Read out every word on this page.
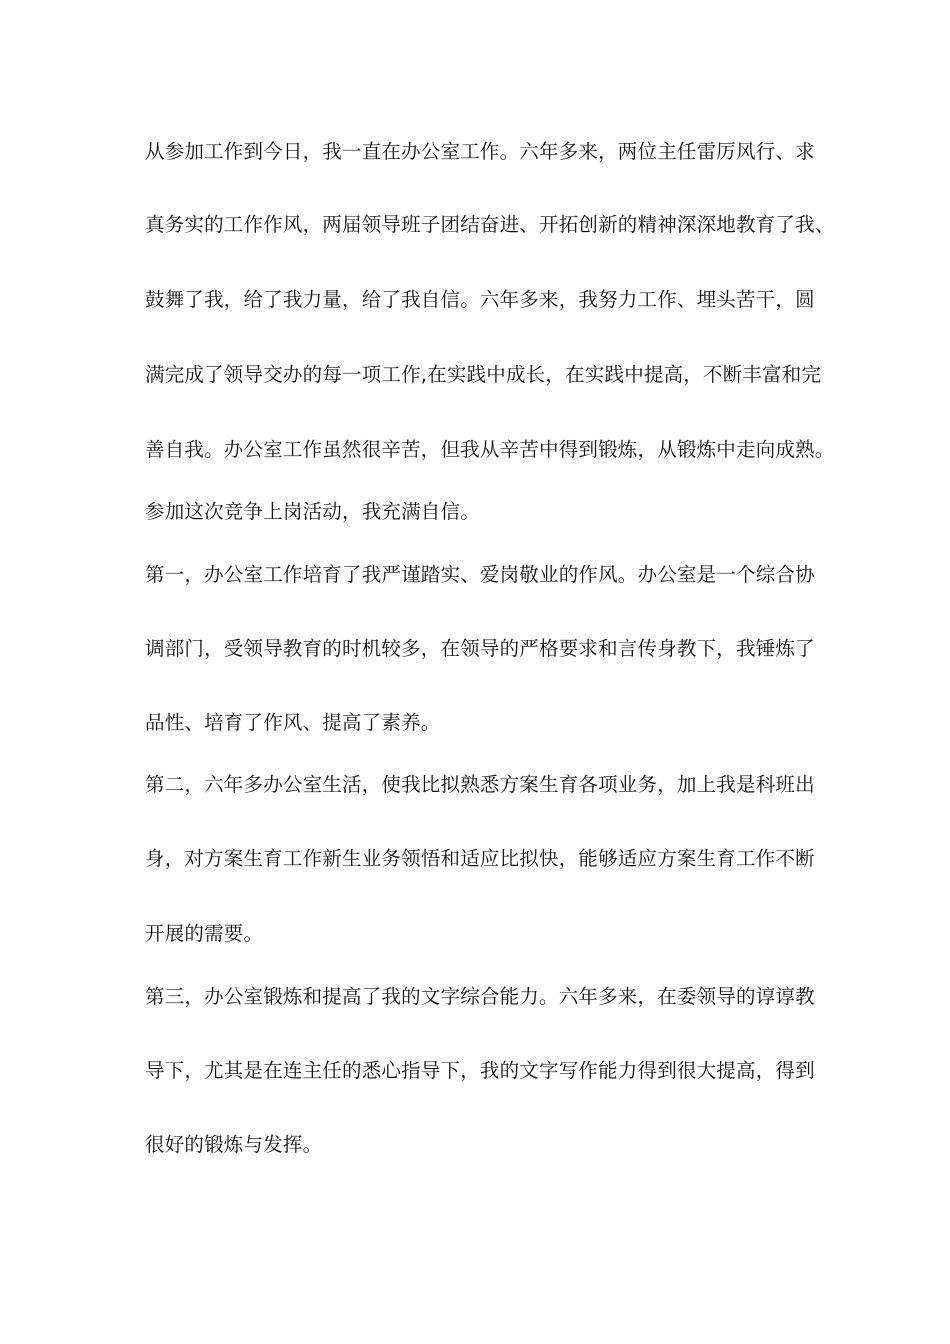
从参加工作到今日，我一直在办公室工作。六年多来，两位主任雷厉风行、求

真务实的工作作风，两届领导班子团结奋进、开拓创新的精神深深地教育了我、

鼓舞了我，给了我力量，给了我自信。六年多来，我努力工作、埋头苦干，圆

满完成了领导交办的每一项工作,在实践中成长，在实践中提高，不断丰富和完

善自我。办公室工作虽然很辛苦，但我从辛苦中得到锻炼，从锻炼中走向成熟。

参加这次竞争上岗活动，我充满自信。

第一，办公室工作培育了我严谨踏实、爱岗敬业的作风。办公室是一个综合协

调部门，受领导教育的时机较多，在领导的严格要求和言传身教下，我锤炼了

品性、培育了作风、提高了素养。

第二，六年多办公室生活，使我比拟熟悉方案生育各项业务，加上我是科班出

身，对方案生育工作新生业务领悟和适应比拟快，能够适应方案生育工作不断

开展的需要。

第三，办公室锻炼和提高了我的文字综合能力。六年多来，在委领导的谆谆教

导下，尤其是在连主任的悉心指导下，我的文字写作能力得到很大提高，得到

很好的锻炼与发挥。
